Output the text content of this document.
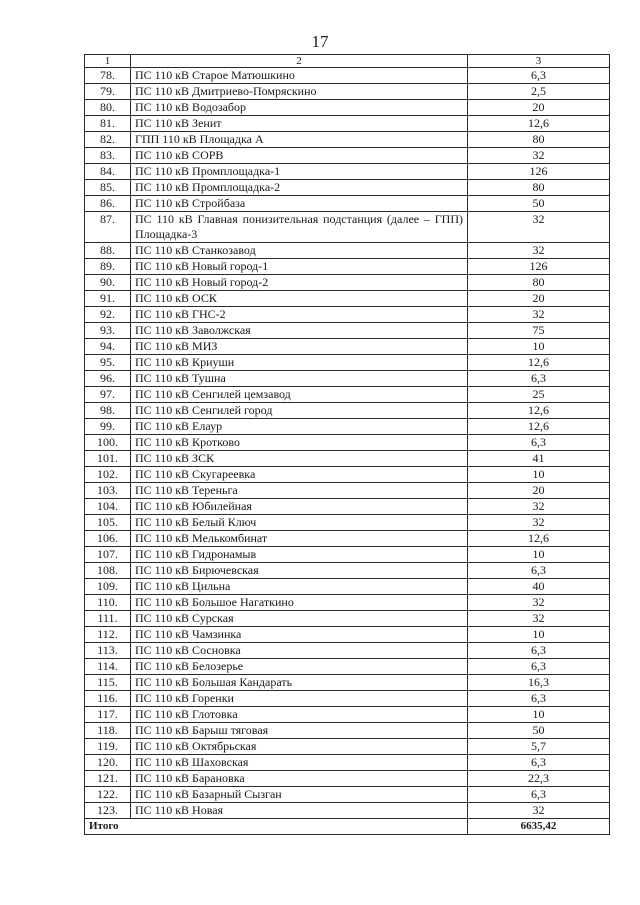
17
1	2	3
78.	ПС 110 кВ Старое Матюшкино	6,3
79.	ПС 110 кВ Дмитриево-Помряскино	2,5
80.	ПС 110 кВ Водозабор	20
81.	ПС 110 кВ Зенит	12,6
82.	ГПП 110 кВ Площадка А	80
83.	ПС 110 кВ СОРВ	32
84.	ПС 110 кВ Промплощадка-1	126
85.	ПС 110 кВ Промплощадка-2	80
86.	ПС 110 кВ Стройбаза	50
87.	ПС 110 кВ Главная понизительная подстанция (далее – ГПП) Площадка-3	32
88.	ПС 110 кВ Станкозавод	32
89.	ПС 110 кВ Новый город-1	126
90.	ПС 110 кВ Новый город-2	80
91.	ПС 110 кВ ОСК	20
92.	ПС 110 кВ ГНС-2	32
93.	ПС 110 кВ Заволжская	75
94.	ПС 110 кВ МИЗ	10
95.	ПС 110 кВ Криуши	12,6
96.	ПС 110 кВ Тушна	6,3
97.	ПС 110 кВ Сенгилей цемзавод	25
98.	ПС 110 кВ Сенгилей город	12,6
99.	ПС 110 кВ Елаур	12,6
100.	ПС 110 кВ Кротково	6,3
101.	ПС 110 кВ ЗСК	41
102.	ПС 110 кВ Скугареевка	10
103.	ПС 110 кВ Тереньга	20
104.	ПС 110 кВ Юбилейная	32
105.	ПС 110 кВ Белый Ключ	32
106.	ПС 110 кВ Мелькомбинат	12,6
107.	ПС 110 кВ Гидронамыв	10
108.	ПС 110 кВ Бирючевская	6,3
109.	ПС 110 кВ Цильна	40
110.	ПС 110 кВ Большое Нагаткино	32
111.	ПС 110 кВ Сурская	32
112.	ПС 110 кВ Чамзинка	10
113.	ПС 110 кВ Сосновка	6,3
114.	ПС 110 кВ Белозерье	6,3
115.	ПС 110 кВ Большая Кандарать	16,3
116.	ПС 110 кВ Горенки	6,3
117.	ПС 110 кВ Глотовка	10
118.	ПС 110 кВ Барыш тяговая	50
119.	ПС 110 кВ Октябрьская	5,7
120.	ПС 110 кВ Шаховская	6,3
121.	ПС 110 кВ Барановка	22,3
122.	ПС 110 кВ Базарный Сызган	6,3
123.	ПС 110 кВ Новая	32
Итого		6635,42
